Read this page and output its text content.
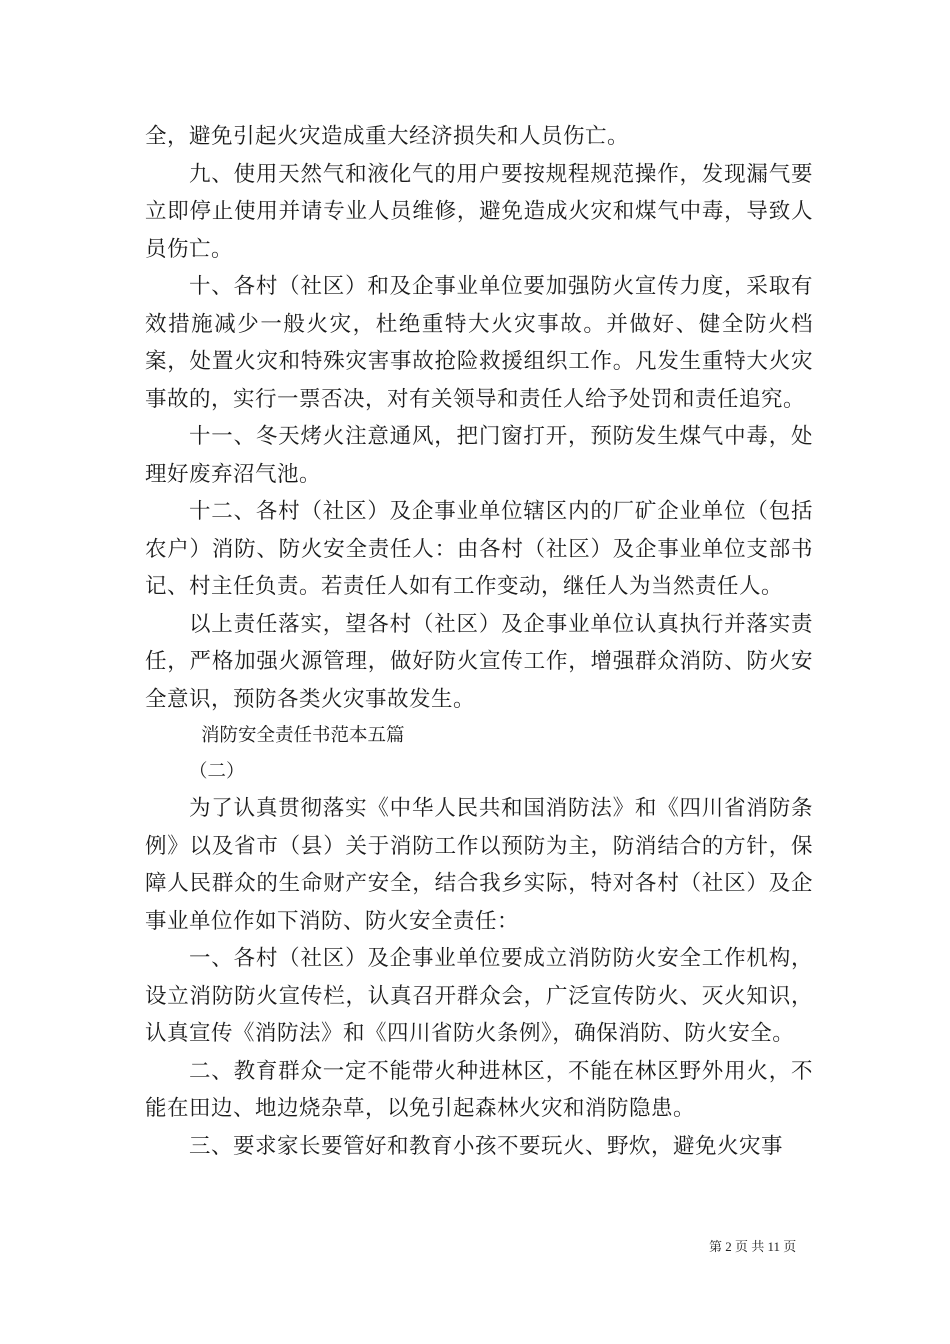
全，避免引起火灾造成重大经济损失和人员伤亡。

九、使用天然气和液化气的用户要按规程规范操作，发现漏气要立即停止使用并请专业人员维修，避免造成火灾和煤气中毒，导致人员伤亡。

十、各村（社区）和及企事业单位要加强防火宣传力度，采取有效措施减少一般火灾，杜绝重特大火灾事故。并做好、健全防火档案，处置火灾和特殊灾害事故抢险救援组织工作。凡发生重特大火灾事故的，实行一票否决，对有关领导和责任人给予处罚和责任追究。

十一、冬天烤火注意通风，把门窗打开，预防发生煤气中毒，处理好废弃沼气池。

十二、各村（社区）及企事业单位辖区内的厂矿企业单位（包括农户）消防、防火安全责任人：由各村（社区）及企事业单位支部书记、村主任负责。若责任人如有工作变动，继任人为当然责任人。

以上责任落实，望各村（社区）及企事业单位认真执行并落实责任，严格加强火源管理，做好防火宣传工作，增强群众消防、防火安全意识，预防各类火灾事故发生。

消防安全责任书范本五篇

（二）

为了认真贯彻落实《中华人民共和国消防法》和《四川省消防条例》以及省市（县）关于消防工作以预防为主，防消结合的方针，保障人民群众的生命财产安全，结合我乡实际，特对各村（社区）及企事业单位作如下消防、防火安全责任：

一、各村（社区）及企事业单位要成立消防防火安全工作机构，设立消防防火宣传栏，认真召开群众会，广泛宣传防火、灭火知识，认真宣传《消防法》和《四川省防火条例》，确保消防、防火安全。

二、教育群众一定不能带火种进林区，不能在林区野外用火，不能在田边、地边烧杂草，以免引起森林火灾和消防隐患。

三、要求家长要管好和教育小孩不要玩火、野炊，避免火灾事

第 2 页 共 11 页
